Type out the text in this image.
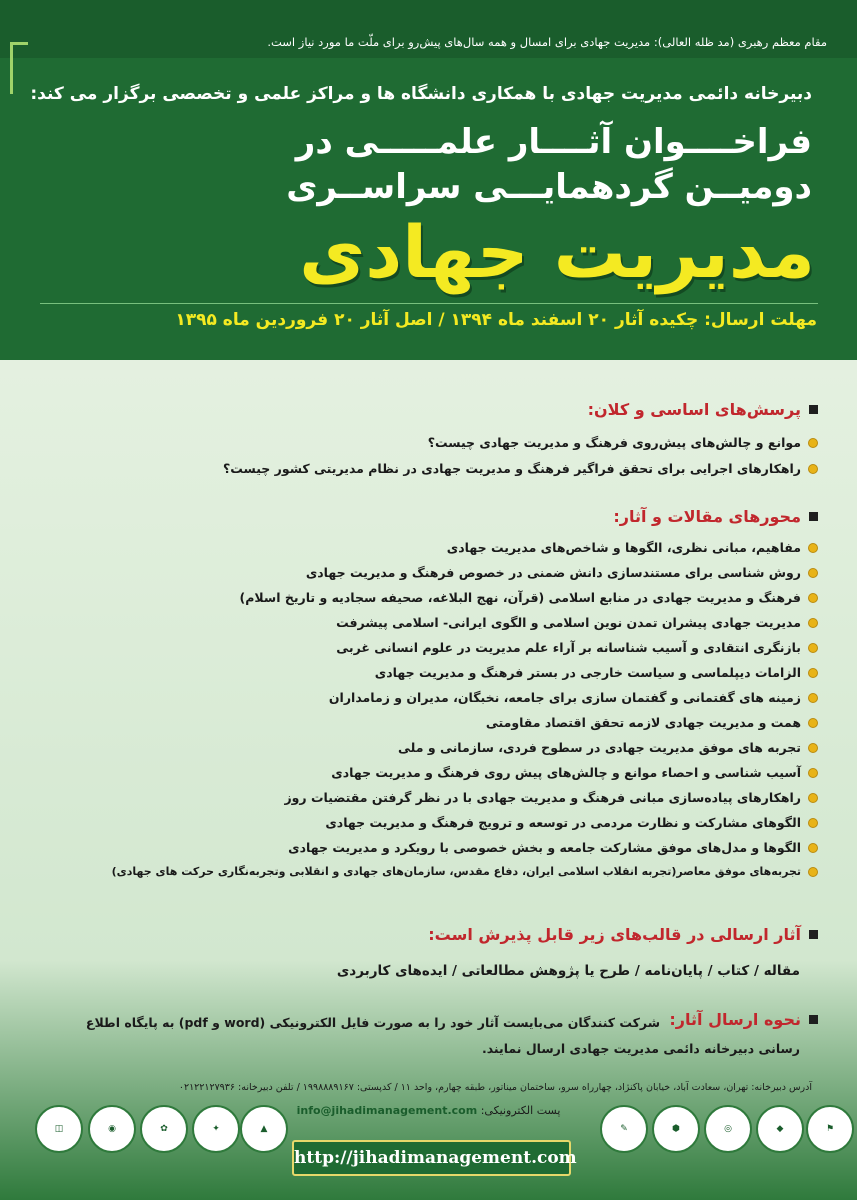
مقام معظم رهبری (مد ظله العالی): مدیریت جهادی برای امسال و همه سال‌های پیش‌رو برای ملّت ما مورد نیاز است.
دبیرخانه دائمی مدیریت جهادی با همکاری دانشگاه ها و مراکز علمی و تخصصی برگزار می کند:
فراخــــوان آثــــار علمـــــی در
دومیــن گردهمایـــی سراســری
مدیریت جهادی
مهلت ارسال: چکیده آثار ۲۰ اسفند ماه ۱۳۹۴ / اصل آثار ۲۰ فروردین ماه ۱۳۹۵
پرسش‌های اساسی و کلان:
موانع و چالش‌های پیش‌روی فرهنگ و مدیریت جهادی چیست؟
راهکارهای اجرایی برای تحقق فراگیر فرهنگ و مدیریت جهادی در نظام مدیریتی کشور چیست؟
محورهای مقالات و آثار:
مفاهیم، مبانی نظری، الگوها و شاخص‌های مدیریت جهادی
روش شناسی برای مستندسازی دانش ضمنی در خصوص فرهنگ و مدیریت جهادی
فرهنگ و مدیریت جهادی در منابع اسلامی (قرآن، نهج البلاغه، صحیفه سجادیه و تاریخ اسلام)
مدیریت جهادی پیشران تمدن نوین اسلامی و الگوی ایرانی- اسلامی پیشرفت
بازنگری انتقادی و آسیب شناسانه بر آراء علم مدیریت در علوم انسانی غربی
الزامات دیپلماسی و سیاست خارجی در بستر فرهنگ و مدیریت جهادی
زمینه های گفتمانی و گفتمان سازی برای جامعه، نخبگان، مدیران و زمامداران
همت و مدیریت جهادی لازمه تحقق اقتصاد مقاومتی
تجربه های موفق مدیریت جهادی در سطوح فردی، سازمانی و ملی
آسیب شناسی و احصاء موانع و چالش‌های پیش روی فرهنگ و مدیریت جهادی
راهکارهای پیاده‌سازی مبانی فرهنگ و مدیریت جهادی با در نظر گرفتن مقتضیات روز
الگوهای مشارکت و نظارت مردمی در توسعه و ترویج فرهنگ و مدیریت جهادی
الگوها و مدل‌های موفق مشارکت جامعه و بخش خصوصی با رویکرد و مدیریت جهادی
تجربه‌های موفق معاصر(تجربه انقلاب اسلامی ایران، دفاع مقدس، سازمان‌های جهادی و انقلابی وتجربه‌نگاری حرکت های جهادی)
آثار ارسالی در قالب‌های زیر قابل پذیرش است:
مقاله / کتاب / پایان‌نامه / طرح یا پژوهش مطالعاتی / ایده‌های کاربردی
نحوه ارسال آثار:
شرکت کنندگان می‌بایست آثار خود را به صورت فایل الکترونیکی (word و pdf) به پایگاه اطلاع رسانی دبیرخانه دائمی مدیریت جهادی ارسال نمایند.
آدرس دبیرخانه: تهران، سعادت آباد، خیابان پاکنژاد، چهارراه سرو، ساختمان میناتور، طبقه چهارم، واحد ۱۱ / کدپستی: ۱۹۹۸۸۸۹۱۶۷ / تلفن دبیرخانه: ۰۲۱۲۲۱۲۷۹۳۶
پست الکترونیکی: info@jihadimanagement.com
◫	◉	✿	✦	▲	✎	⬢	◎	◆	⚑
http://jihadimanagement.com
